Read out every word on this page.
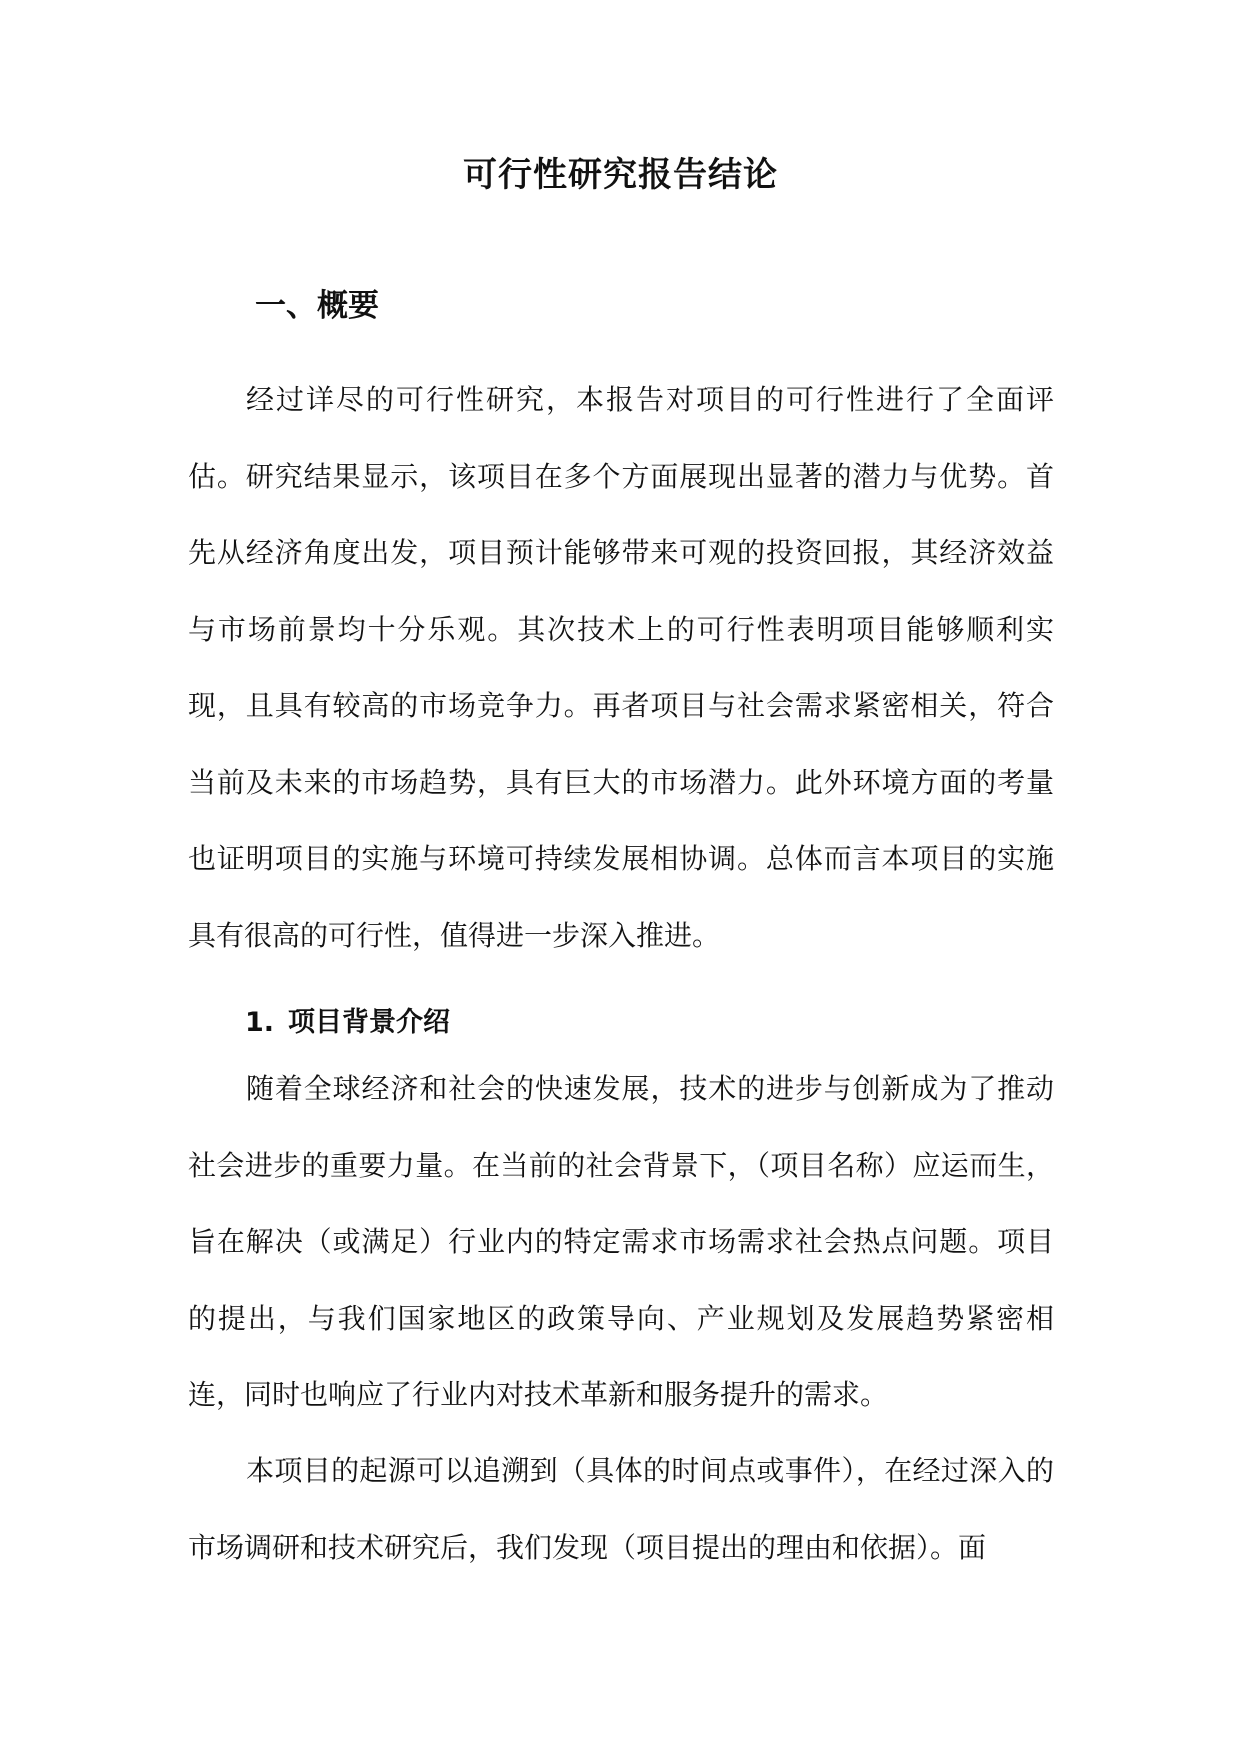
可行性研究报告结论
一、概要

经过详尽的可行性研究，本报告对项目的可行性进行了全面评估。研究结果显示，该项目在多个方面展现出显著的潜力与优势。首先从经济角度出发，项目预计能够带来可观的投资回报，其经济效益与市场前景均十分乐观。其次技术上的可行性表明项目能够顺利实现，且具有较高的市场竞争力。再者项目与社会需求紧密相关，符合当前及未来的市场趋势，具有巨大的市场潜力。此外环境方面的考量也证明项目的实施与环境可持续发展相协调。总体而言本项目的实施具有很高的可行性，值得进一步深入推进。

1. 项目背景介绍

随着全球经济和社会的快速发展，技术的进步与创新成为了推动社会进步的重要力量。在当前的社会背景下，（项目名称）应运而生，旨在解决（或满足）行业内的特定需求市场需求社会热点问题。项目的提出，与我们国家地区的政策导向、产业规划及发展趋势紧密相连，同时也响应了行业内对技术革新和服务提升的需求。

本项目的起源可以追溯到（具体的时间点或事件），在经过深入的市场调研和技术研究后，我们发现（项目提出的理由和依据）。面
